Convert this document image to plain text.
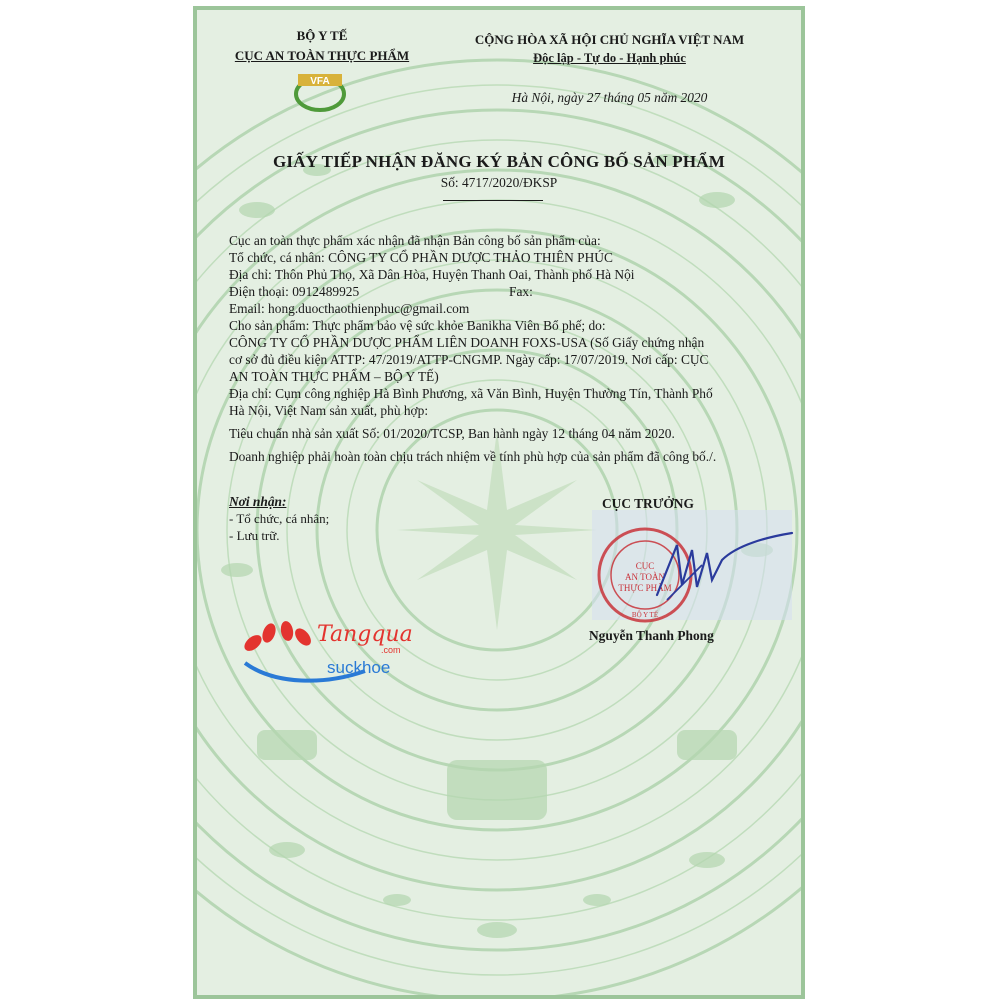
BỘ Y TẾ
CỤC AN TOÀN THỰC PHẨM
VFA
CỘNG HÒA XÃ HỘI CHỦ NGHĨA VIỆT NAM
Độc lập - Tự do - Hạnh phúc
Hà Nội, ngày 27 tháng 05 năm 2020
GIẤY TIẾP NHẬN ĐĂNG KÝ BẢN CÔNG BỐ SẢN PHẨM
Số: 4717/2020/ĐKSP
Cục an toàn thực phẩm xác nhận đã nhận Bản công bố sản phẩm của:
Tổ chức, cá nhân: CÔNG TY CỔ PHẦN DƯỢC THẢO THIÊN PHÚC
Địa chỉ: Thôn Phủ Thọ, Xã Dân Hòa, Huyện Thanh Oai, Thành phố Hà Nội
Điện thoại: 0912489925	Fax:
Email: hong.duocthaothienphuc@gmail.com
Cho sản phẩm: Thực phẩm bảo vệ sức khỏe Banikha Viên Bổ phế; do:
CÔNG TY CỔ PHẦN DƯỢC PHẨM LIÊN DOANH FOXS-USA (Số Giấy chứng nhận
cơ sở đủ điều kiện ATTP: 47/2019/ATTP-CNGMP. Ngày cấp: 17/07/2019. Nơi cấp: CỤC
AN TOÀN THỰC PHẨM – BỘ Y TẾ)
Địa chỉ: Cụm công nghiệp Hà Bình Phương, xã Văn Bình, Huyện Thường Tín, Thành Phố
Hà Nội, Việt Nam sản xuất, phù hợp:
Tiêu chuẩn nhà sản xuất Số: 01/2020/TCSP, Ban hành ngày 12 tháng 04 năm 2020.
Doanh nghiệp phải hoàn toàn chịu trách nhiệm về tính phù hợp của sản phẩm đã công bố./.
Nơi nhận:
- Tổ chức, cá nhân;
- Lưu trữ.
CỤC TRƯỞNG
CỤC
AN TOÀN
THỰC PHẨM
BỘ Y TẾ
Nguyễn Thanh Phong
Tangqua
.com
suckhoe
